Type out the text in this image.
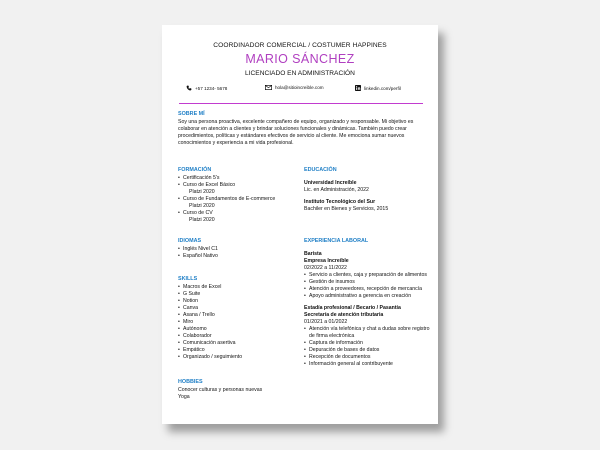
COORDINADOR COMERCIAL / COSTUMER HAPPINES
MARIO SÁNCHEZ
LICENCIADO EN ADMINISTRACIÓN
+57 1234- 5678	hola@sitioincreible.com	linkedin.com/perfil
SOBRE MÍ

Soy una persona proactiva, excelente compañero de equipo, organizado y responsable. Mi objetivo es colaborar en atención a clientes y brindar soluciones funcionales y dinámicas. También puedo crear procedimientos, políticas y estándares efectivos de servicio al cliente. Me emociona sumar nuevos conocimientos y experiencia a mi vida profesional.

FORMACIÓN
• Certificación 5's
• Curso de Excel Básico
Platzi 2020
• Curso de Fundamentos de E-commerce
Platzi 2020
• Curso de CV
Platzi 2020
EDUCACIÓN
Universidad Increíble
Lic. en Administración, 2022
Instituto Tecnológico del Sur
Bachiler en Bienes y Servicios, 2015
IDIOMAS
• Inglés Nivel C1
• Español Nativo
EXPERIENCIA LABORAL
Barista
Empresa Increíble
02/2022 a 11/2022
• Servicio a clientes, caja y preparación de alimentos
• Gestión de insumos
• Atención a proveedores, recepción de mercancía
• Apoyo administrativo a gerencia en creación
Estadía profesional / Becario / Pasantía
Secretaría de atención tributaria
01/2021 a 01/2022
• Atención vía telefónica y chat a dudas sobre registro de firma electrónica
• Captura de información
• Depuración de bases de datos
• Recepción de documentos
• Información general al contribuyente
SKILLS
• Macros de Excel
• G Suite
• Notion
• Canva
• Asana / Trello
• Miro
• Autónomo
• Colaborador
• Comunicación asertiva
• Empático
• Organizado / seguimiento
HOBBIES
Conocer culturas y personas nuevas
Yoga
